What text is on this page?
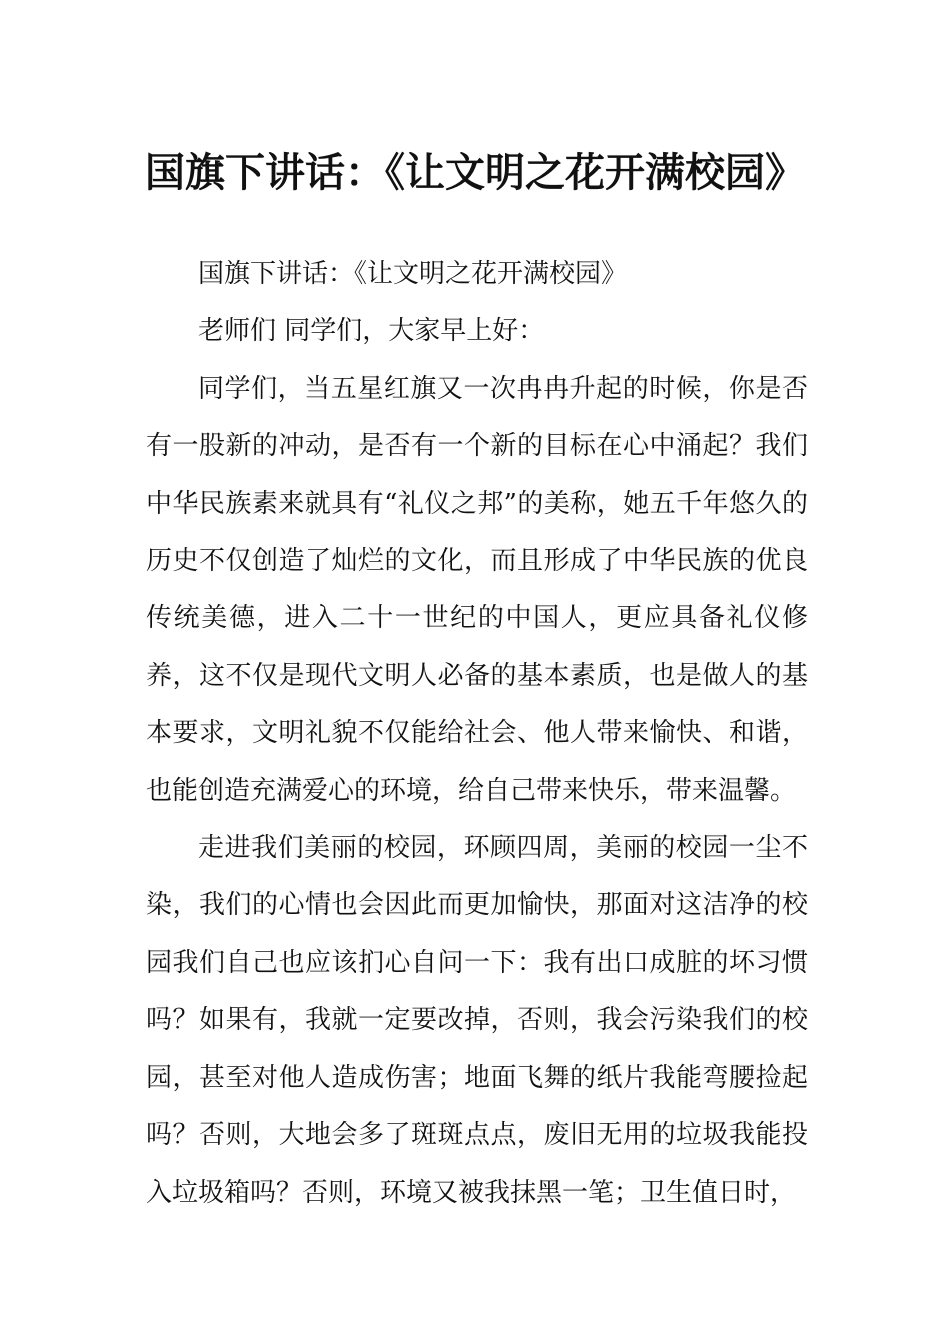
国旗下讲话：《让文明之花开满校园》

国旗下讲话：《让文明之花开满校园》

老师们 同学们，大家早上好：

同学们，当五星红旗又一次冉冉升起的时候，你是否有一股新的冲动，是否有一个新的目标在心中涌起？我们中华民族素来就具有“礼仪之邦”的美称，她五千年悠久的历史不仅创造了灿烂的文化，而且形成了中华民族的优良传统美德，进入二十一世纪的中国人，更应具备礼仪修养，这不仅是现代文明人必备的基本素质，也是做人的基本要求，文明礼貌不仅能给社会、他人带来愉快、和谐，也能创造充满爱心的环境，给自己带来快乐，带来温馨。

走进我们美丽的校园，环顾四周，美丽的校园一尘不染，我们的心情也会因此而更加愉快，那面对这洁净的校园我们自己也应该扪心自问一下：我有出口成脏的坏习惯吗？如果有，我就一定要改掉，否则，我会污染我们的校园，甚至对他人造成伤害；地面飞舞的纸片我能弯腰捡起吗？否则，大地会多了斑斑点点，废旧无用的垃圾我能投入垃圾箱吗？否则，环境又被我抹黑一笔；卫生值日时，
